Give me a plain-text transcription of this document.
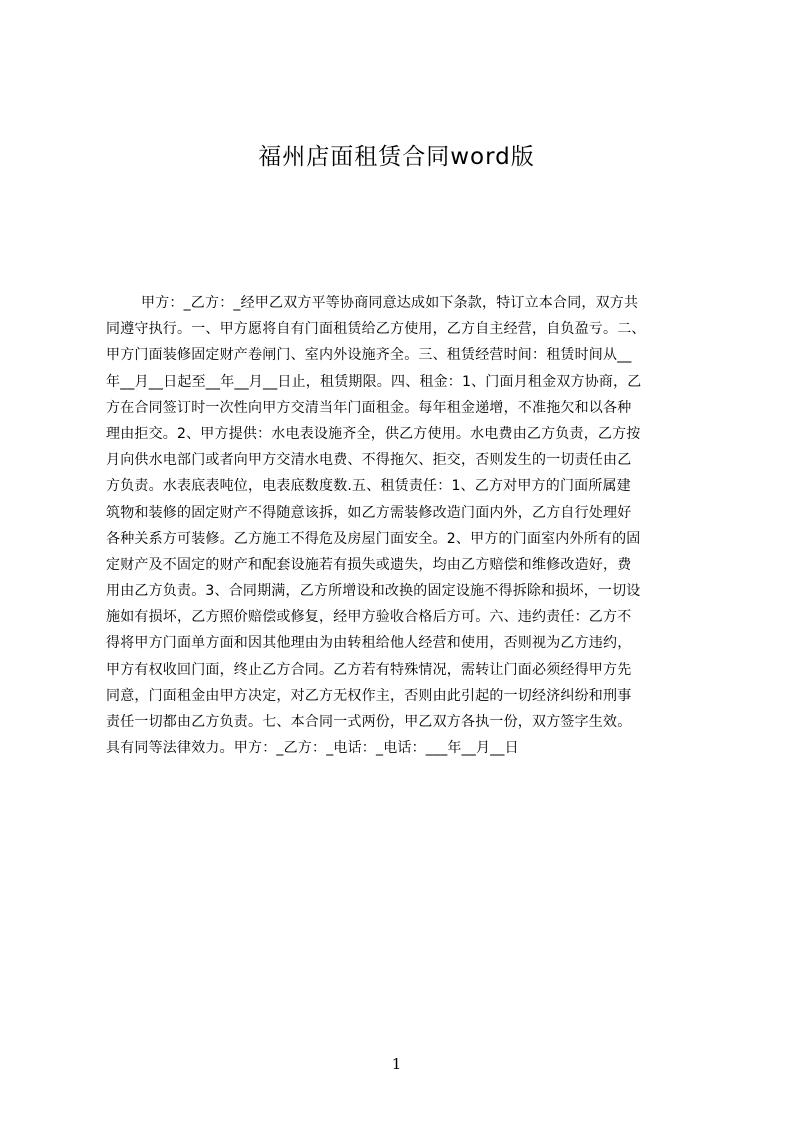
福州店面租赁合同word版
甲方：_乙方：_经甲乙双方平等协商同意达成如下条款，特订立本合同，双方共
同遵守执行。一、甲方愿将自有门面租赁给乙方使用，乙方自主经营，自负盈亏。二、
甲方门面装修固定财产卷闸门、室内外设施齐全。三、租赁经营时间：租赁时间从__
年__月__日起至__年__月__日止，租赁期限。四、租金：1、门面月租金双方协商，乙
方在合同签订时一次性向甲方交清当年门面租金。每年租金递增，不准拖欠和以各种
理由拒交。2、甲方提供：水电表设施齐全，供乙方使用。水电费由乙方负责，乙方按
月向供水电部门或者向甲方交清水电费、不得拖欠、拒交，否则发生的一切责任由乙
方负责。水表底表吨位，电表底数度数.五、租赁责任：1、乙方对甲方的门面所属建
筑物和装修的固定财产不得随意该拆，如乙方需装修改造门面内外，乙方自行处理好
各种关系方可装修。乙方施工不得危及房屋门面安全。2、甲方的门面室内外所有的固
定财产及不固定的财产和配套设施若有损失或遗失，均由乙方赔偿和维修改造好，费
用由乙方负责。3、合同期满，乙方所增设和改换的固定设施不得拆除和损坏，一切设
施如有损坏，乙方照价赔偿或修复，经甲方验收合格后方可。六、违约责任：乙方不
得将甲方门面单方面和因其他理由为由转租给他人经营和使用，否则视为乙方违约，
甲方有权收回门面，终止乙方合同。乙方若有特殊情况，需转让门面必须经得甲方先
同意，门面租金由甲方决定，对乙方无权作主，否则由此引起的一切经济纠纷和刑事
责任一切都由乙方负责。七、本合同一式两份，甲乙双方各执一份，双方签字生效。
具有同等法律效力。甲方：_乙方：_电话：_电话：___年__月__日
1
